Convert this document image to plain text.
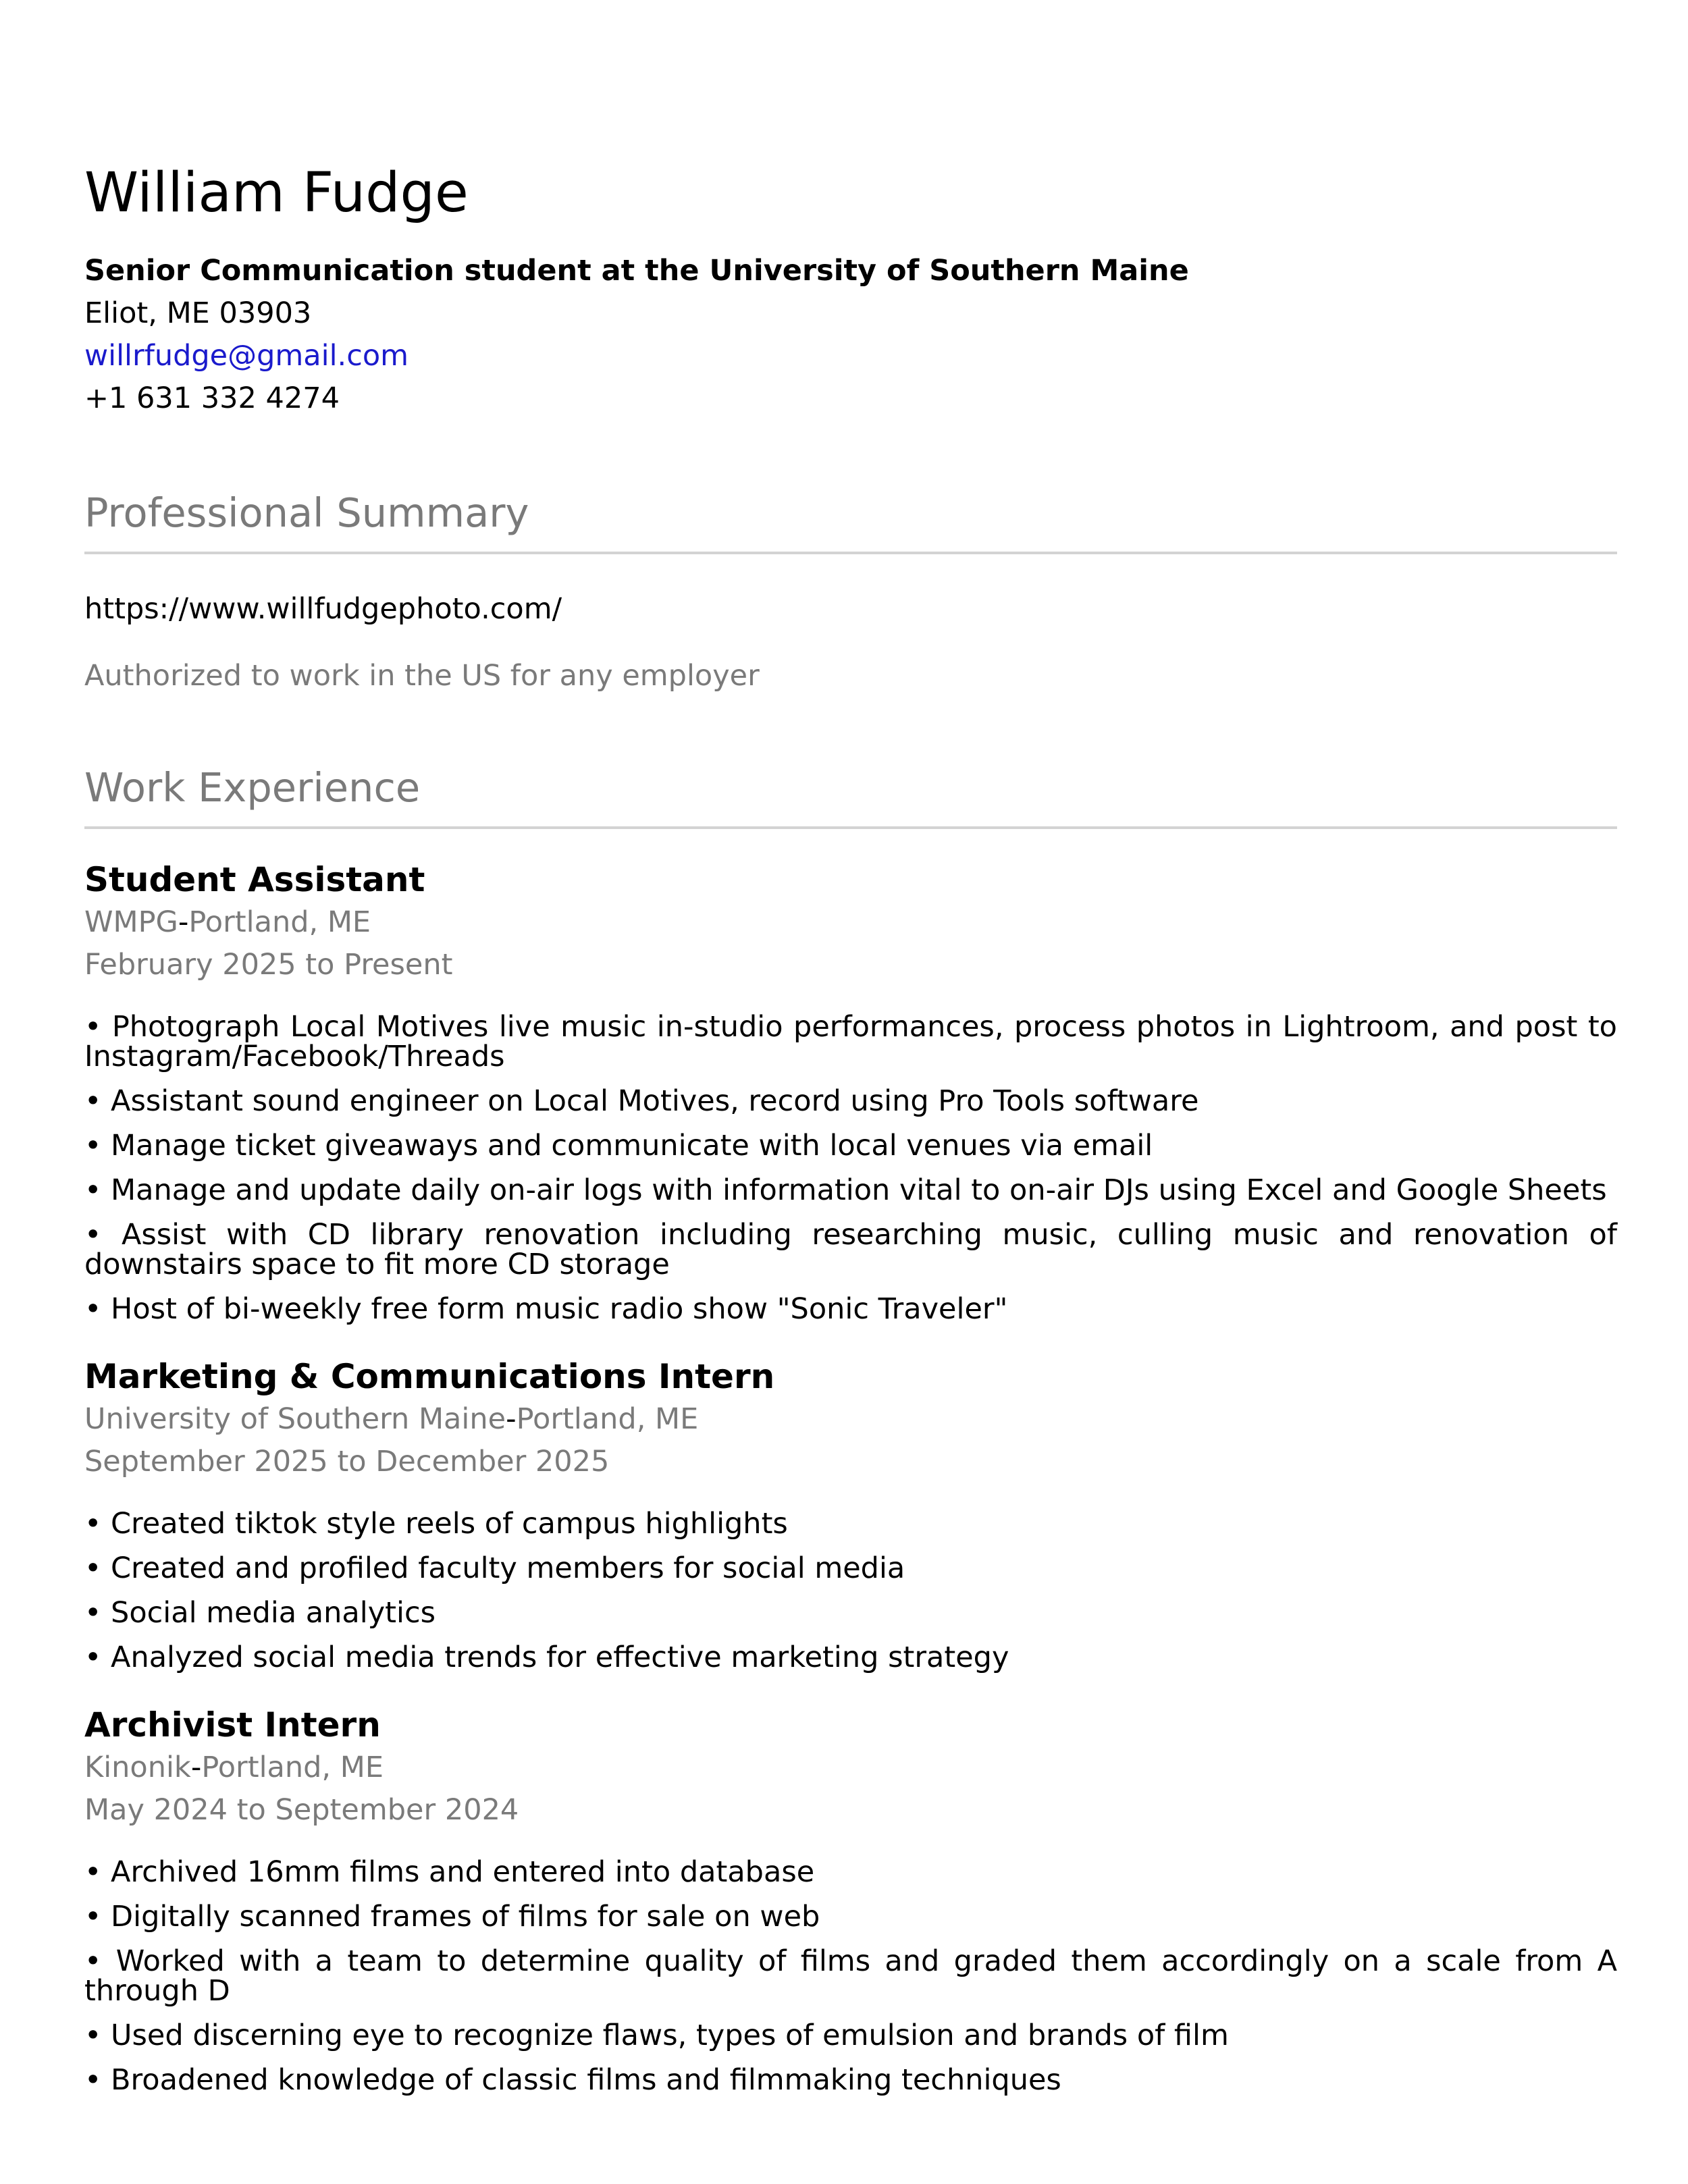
William Fudge
Senior Communication student at the University of Southern Maine
Eliot, ME 03903
willrfudge@gmail.com
+1 631 332 4274
Professional Summary
https://www.willfudgephoto.com/
Authorized to work in the US for any employer
Work Experience
Student Assistant
WMPG-Portland, ME
February 2025 to Present
• Photograph Local Motives live music in-studio performances, process photos in Lightroom, and post to Instagram/Facebook/Threads
• Assistant sound engineer on Local Motives, record using Pro Tools software
• Manage ticket giveaways and communicate with local venues via email
• Manage and update daily on-air logs with information vital to on-air DJs using Excel and Google Sheets
• Assist with CD library renovation including researching music, culling music and renovation of downstairs space to fit more CD storage
• Host of bi-weekly free form music radio show "Sonic Traveler"
Marketing & Communications Intern
University of Southern Maine-Portland, ME
September 2025 to December 2025
• Created tiktok style reels of campus highlights
• Created and profiled faculty members for social media
• Social media analytics
• Analyzed social media trends for effective marketing strategy
Archivist Intern
Kinonik-Portland, ME
May 2024 to September 2024
• Archived 16mm films and entered into database
• Digitally scanned frames of films for sale on web
• Worked with a team to determine quality of films and graded them accordingly on a scale from A through D
• Used discerning eye to recognize flaws, types of emulsion and brands of film
• Broadened knowledge of classic films and filmmaking techniques
